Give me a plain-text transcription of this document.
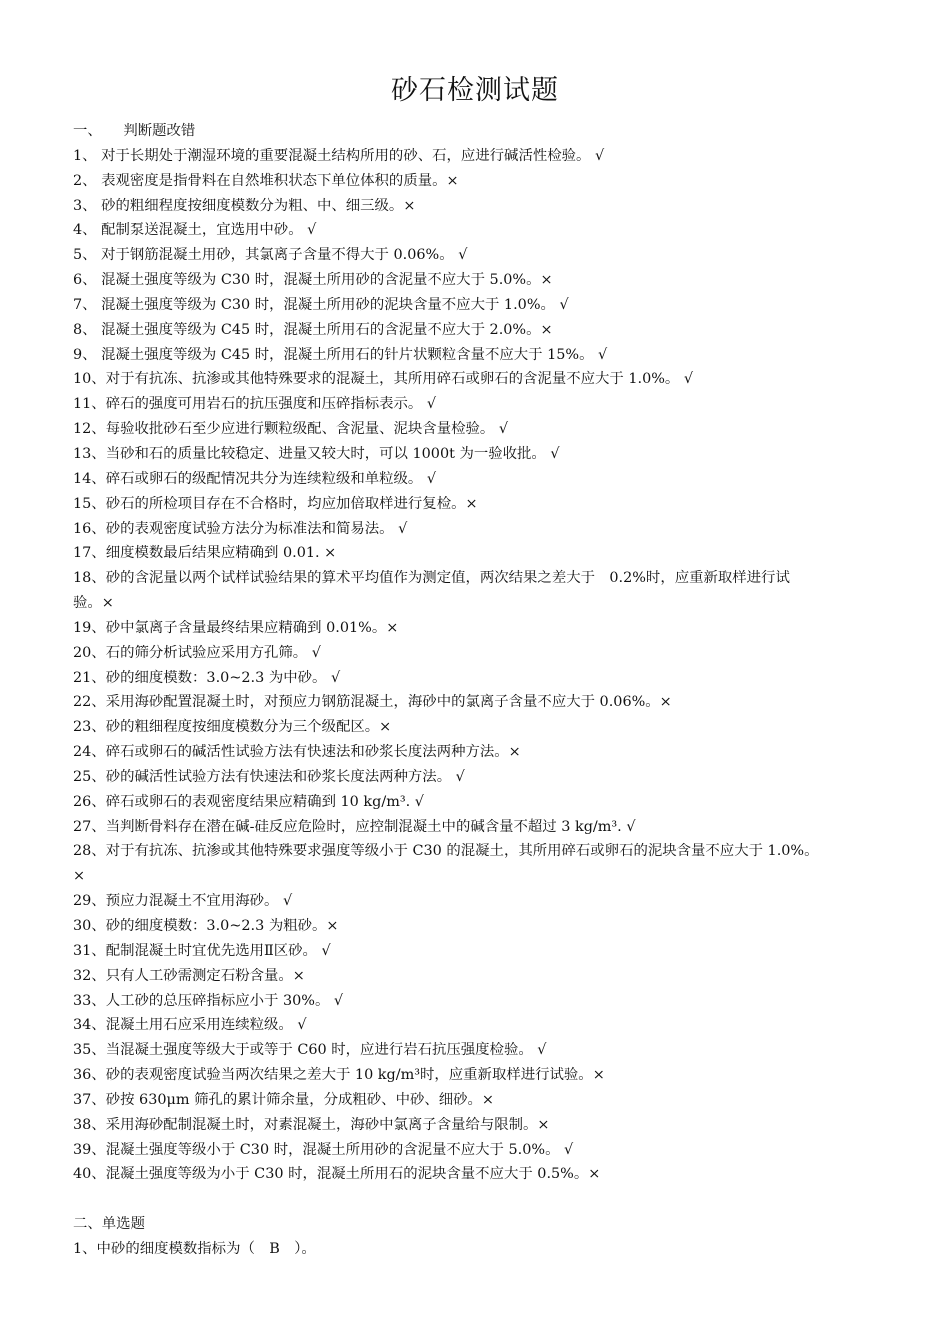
砂石检测试题
一、　　判断题改错
1、 对于长期处于潮湿环境的重要混凝土结构所用的砂、石，应进行碱活性检验。 √
2、 表观密度是指骨料在自然堆积状态下单位体积的质量。×
3、 砂的粗细程度按细度模数分为粗、中、细三级。×
4、 配制泵送混凝土，宜选用中砂。 √
5、 对于钢筋混凝土用砂，其氯离子含量不得大于 0.06%。 √
6、 混凝土强度等级为 C30 时，混凝土所用砂的含泥量不应大于 5.0%。×
7、 混凝土强度等级为 C30 时，混凝土所用砂的泥块含量不应大于 1.0%。 √
8、 混凝土强度等级为 C45 时，混凝土所用石的含泥量不应大于 2.0%。×
9、 混凝土强度等级为 C45 时，混凝土所用石的针片状颗粒含量不应大于 15%。 √
10、对于有抗冻、抗渗或其他特殊要求的混凝土，其所用碎石或卵石的含泥量不应大于 1.0%。 √
11、碎石的强度可用岩石的抗压强度和压碎指标表示。 √
12、每验收批砂石至少应进行颗粒级配、含泥量、泥块含量检验。 √
13、当砂和石的质量比较稳定、进量又较大时，可以 1000t 为一验收批。 √
14、碎石或卵石的级配情况共分为连续粒级和单粒级。 √
15、砂石的所检项目存在不合格时，均应加倍取样进行复检。×
16、砂的表观密度试验方法分为标准法和简易法。 √
17、细度模数最后结果应精确到 0.01. ×
18、砂的含泥量以两个试样试验结果的算术平均值作为测定值，两次结果之差大于　0.2%时，应重新取样进行试
验。×
19、砂中氯离子含量最终结果应精确到 0.01%。×
20、石的筛分析试验应采用方孔筛。 √
21、砂的细度模数：3.0~2.3 为中砂。 √
22、采用海砂配置混凝土时，对预应力钢筋混凝土，海砂中的氯离子含量不应大于 0.06%。×
23、砂的粗细程度按细度模数分为三个级配区。×
24、碎石或卵石的碱活性试验方法有快速法和砂浆长度法两种方法。×
25、砂的碱活性试验方法有快速法和砂浆长度法两种方法。 √
26、碎石或卵石的表观密度结果应精确到 10 kg/m³. √
27、当判断骨料存在潜在碱-硅反应危险时，应控制混凝土中的碱含量不超过 3 kg/m³. √
28、对于有抗冻、抗渗或其他特殊要求强度等级小于 C30 的混凝土，其所用碎石或卵石的泥块含量不应大于 1.0%。
×
29、预应力混凝土不宜用海砂。 √
30、砂的细度模数：3.0~2.3 为粗砂。×
31、配制混凝土时宜优先选用Ⅱ区砂。 √
32、只有人工砂需测定石粉含量。×
33、人工砂的总压碎指标应小于 30%。 √
34、混凝土用石应采用连续粒级。 √
35、当混凝土强度等级大于或等于 C60 时，应进行岩石抗压强度检验。 √
36、砂的表观密度试验当两次结果之差大于 10 kg/m³时，应重新取样进行试验。×
37、砂按 630μm 筛孔的累计筛余量，分成粗砂、中砂、细砂。×
38、采用海砂配制混凝土时，对素混凝土，海砂中氯离子含量给与限制。×
39、混凝土强度等级小于 C30 时，混凝土所用砂的含泥量不应大于 5.0%。 √
40、混凝土强度等级为小于 C30 时，混凝土所用石的泥块含量不应大于 0.5%。×
二、单选题
1、中砂的细度模数指标为（　B　）。
